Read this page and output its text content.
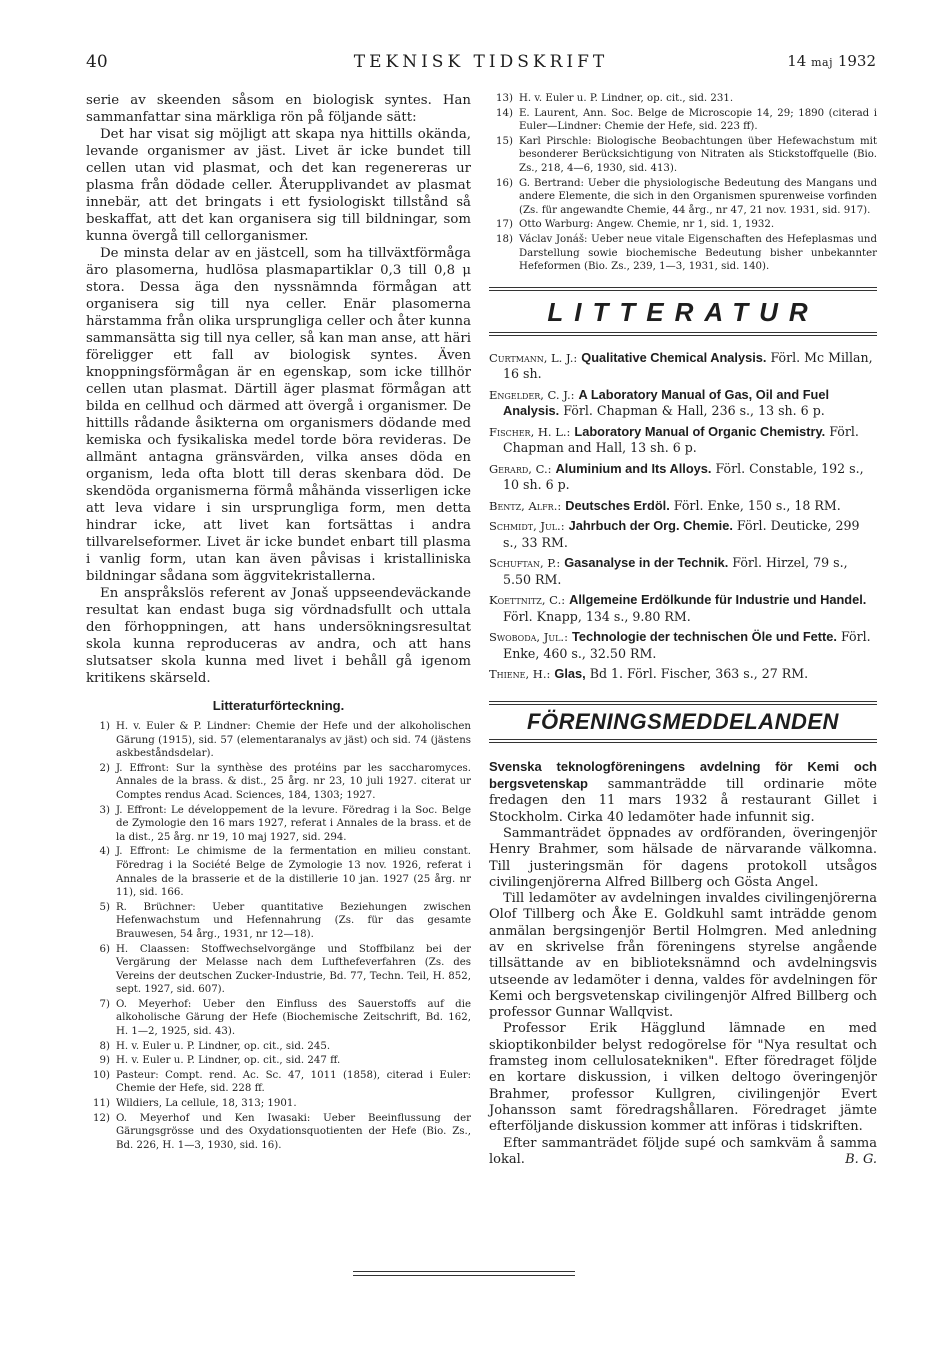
40	TEKNISK TIDSKRIFT	14 maj 1932

serie av skeenden såsom en biologisk syntes. Han sammanfattar sina märkliga rön på följande sätt:

Det har visat sig möjligt att skapa nya hittills okända, levande organismer av jäst. Livet är icke bundet till cellen utan vid plasmat, och det kan regenereras ur plasma från dödade celler. Återupplivandet av plasmat innebär, att det bringats i ett fysiologiskt tillstånd så beskaffat, att det kan organisera sig till bildningar, som kunna övergå till cellorganismer.

De minsta delar av en jästcell, som ha tillväxtförmåga äro plasomerna, hudlösa plasmapartiklar 0,3 till 0,8 μ stora. Dessa äga den nyssnämnda förmågan att organisera sig till nya celler. Enär plasomerna härstamma från olika ursprungliga celler och åter kunna sammansätta sig till nya celler, så kan man anse, att häri föreligger ett fall av biologisk syntes. Även knoppningsförmågan är en egenskap, som icke tillhör cellen utan plasmat. Därtill äger plasmat förmågan att bilda en cellhud och därmed att övergå i organismer. De hittills rådande åsikterna om organismers dödande med kemiska och fysikaliska medel torde böra revideras. De allmänt antagna gränsvärden, vilka anses döda en organism, leda ofta blott till deras skenbara död. De skendöda organismerna förmå måhända visserligen icke att leva vidare i sin ursprungliga form, men detta hindrar icke, att livet kan fortsättas i andra tillvarelseformer. Livet är icke bundet enbart till plasma i vanlig form, utan kan även påvisas i kristalliniska bildningar sådana som äggvitekristallerna.

En anspråkslös referent av Jonaš uppseendeväckande resultat kan endast buga sig vördnadsfullt och uttala den förhoppningen, att hans undersökningsresultat skola kunna reproduceras av andra, och att hans slutsatser skola kunna med livet i behåll gå igenom kritikens skärseld.

Litteraturförteckning.
1) H. v. Euler & P. Lindner: Chemie der Hefe und der alkoholischen Gärung (1915), sid. 57 (elementaranalys av jäst) och sid. 74 (jästens askbeståndsdelar).
2) J. Effront: Sur la synthèse des protéins par les saccharomyces. Annales de la brass. & dist., 25 årg. nr 23, 10 juli 1927. citerat ur Comptes rendus Acad. Sciences, 184, 1303; 1927.
3) J. Effront: Le développement de la levure. Föredrag i la Soc. Belge de Zymologie den 16 mars 1927, referat i Annales de la brass. et de la dist., 25 årg. nr 19, 10 maj 1927, sid. 294.
4) J. Effront: Le chimisme de la fermentation en milieu constant. Föredrag i la Société Belge de Zymologie 13 nov. 1926, referat i Annales de la brasserie et de la distillerie 10 jan. 1927 (25 årg. nr 11), sid. 166.
5) R. Brüchner: Ueber quantitative Beziehungen zwischen Hefenwachstum und Hefennahrung (Zs. für das gesamte Brauwesen, 54 årg., 1931, nr 12—18).
6) H. Claassen: Stoffwechselvorgänge und Stoffbilanz bei der Vergärung der Melasse nach dem Lufthefeverfahren (Zs. des Vereins der deutschen Zucker-Industrie, Bd. 77, Techn. Teil, H. 852, sept. 1927, sid. 607).
7) O. Meyerhof: Ueber den Einfluss des Sauerstoffs auf die alkoholische Gärung der Hefe (Biochemische Zeitschrift, Bd. 162, H. 1—2, 1925, sid. 43).
8) H. v. Euler u. P. Lindner, op. cit., sid. 245.
9) H. v. Euler u. P. Lindner, op. cit., sid. 247 ff.
10) Pasteur: Compt. rend. Ac. Sc. 47, 1011 (1858), citerad i Euler: Chemie der Hefe, sid. 228 ff.
11) Wildiers, La cellule, 18, 313; 1901.
12) O. Meyerhof und Ken Iwasaki: Ueber Beeinflussung der Gärungsgrösse und des Oxydationsquotienten der Hefe (Bio. Zs., Bd. 226, H. 1—3, 1930, sid. 16).
13) H. v. Euler u. P. Lindner, op. cit., sid. 231.
14) E. Laurent, Ann. Soc. Belge de Microscopie 14, 29; 1890 (citerad i Euler—Lindner: Chemie der Hefe, sid. 223 ff).
15) Karl Pirschle: Biologische Beobachtungen über Hefewachstum mit besonderer Berücksichtigung von Nitraten als Stickstoffquelle (Bio. Zs., 218, 4—6, 1930, sid. 413).
16) G. Bertrand: Ueber die physiologische Bedeutung des Mangans und andere Elemente, die sich in den Organismen spurenweise vorfinden (Zs. für angewandte Chemie, 44 årg., nr 47, 21 nov. 1931, sid. 917).
17) Otto Warburg: Angew. Chemie, nr 1, sid. 1, 1932.
18) Václav Jonáš: Ueber neue vitale Eigenschaften des Hefeplasmas und Darstellung sowie biochemische Bedeutung bisher unbekannter Hefeformen (Bio. Zs., 239, 1—3, 1931, sid. 140).
LITTERATUR
Curtmann, L. J.: Qualitative Chemical Analysis. Förl. Mc Millan, 16 sh.
Engelder, C. J.: A Laboratory Manual of Gas, Oil and Fuel Analysis. Förl. Chapman & Hall, 236 s., 13 sh. 6 p.
Fischer, H. L.: Laboratory Manual of Organic Chemistry. Förl. Chapman and Hall, 13 sh. 6 p.
Gerard, C.: Aluminium and Its Alloys. Förl. Constable, 192 s., 10 sh. 6 p.
Bentz, Alfr.: Deutsches Erdöl. Förl. Enke, 150 s., 18 RM.
Schmidt, Jul.: Jahrbuch der Org. Chemie. Förl. Deuticke, 299 s., 33 RM.
Schuftan, P.: Gasanalyse in der Technik. Förl. Hirzel, 79 s., 5.50 RM.
Koettnitz, C.: Allgemeine Erdölkunde für Industrie und Handel. Förl. Knapp, 134 s., 9.80 RM.
Swoboda, Jul.: Technologie der technischen Öle und Fette. Förl. Enke, 460 s., 32.50 RM.
Thiene, H.: Glas, Bd 1. Förl. Fischer, 363 s., 27 RM.
FÖRENINGSMEDDELANDEN

Svenska teknologföreningens avdelning för Kemi och bergsvetenskap sammanträdde till ordinarie möte fredagen den 11 mars 1932 å restaurant Gillet i Stockholm. Cirka 40 ledamöter hade infunnit sig.

Sammanträdet öppnades av ordföranden, överingenjör Henry Brahmer, som hälsade de närvarande välkomna. Till justeringsmän för dagens protokoll utsågos civilingenjörerna Alfred Billberg och Gösta Angel.

Till ledamöter av avdelningen invaldes civilingenjörerna Olof Tillberg och Åke E. Goldkuhl samt inträdde genom anmälan bergsingenjör Bertil Holmgren. Med anledning av en skrivelse från föreningens styrelse angående tillsättande av en biblioteksnämnd och avdelningsvis utseende av ledamöter i denna, valdes för avdelningen för Kemi och bergsvetenskap civilingenjör Alfred Billberg och professor Gunnar Wallqvist.

Professor Erik Hägglund lämnade en med skioptikonbilder belyst redogörelse för "Nya resultat och framsteg inom cellulosatekniken". Efter föredraget följde en kortare diskussion, i vilken deltogo överingenjör Brahmer, professor Kullgren, civilingenjör Evert Johansson samt föredragshållaren. Föredraget jämte efterföljande diskussion kommer att införas i tidskriften.

Efter sammanträdet följde supé och samkväm å samma lokal.	B. G.
